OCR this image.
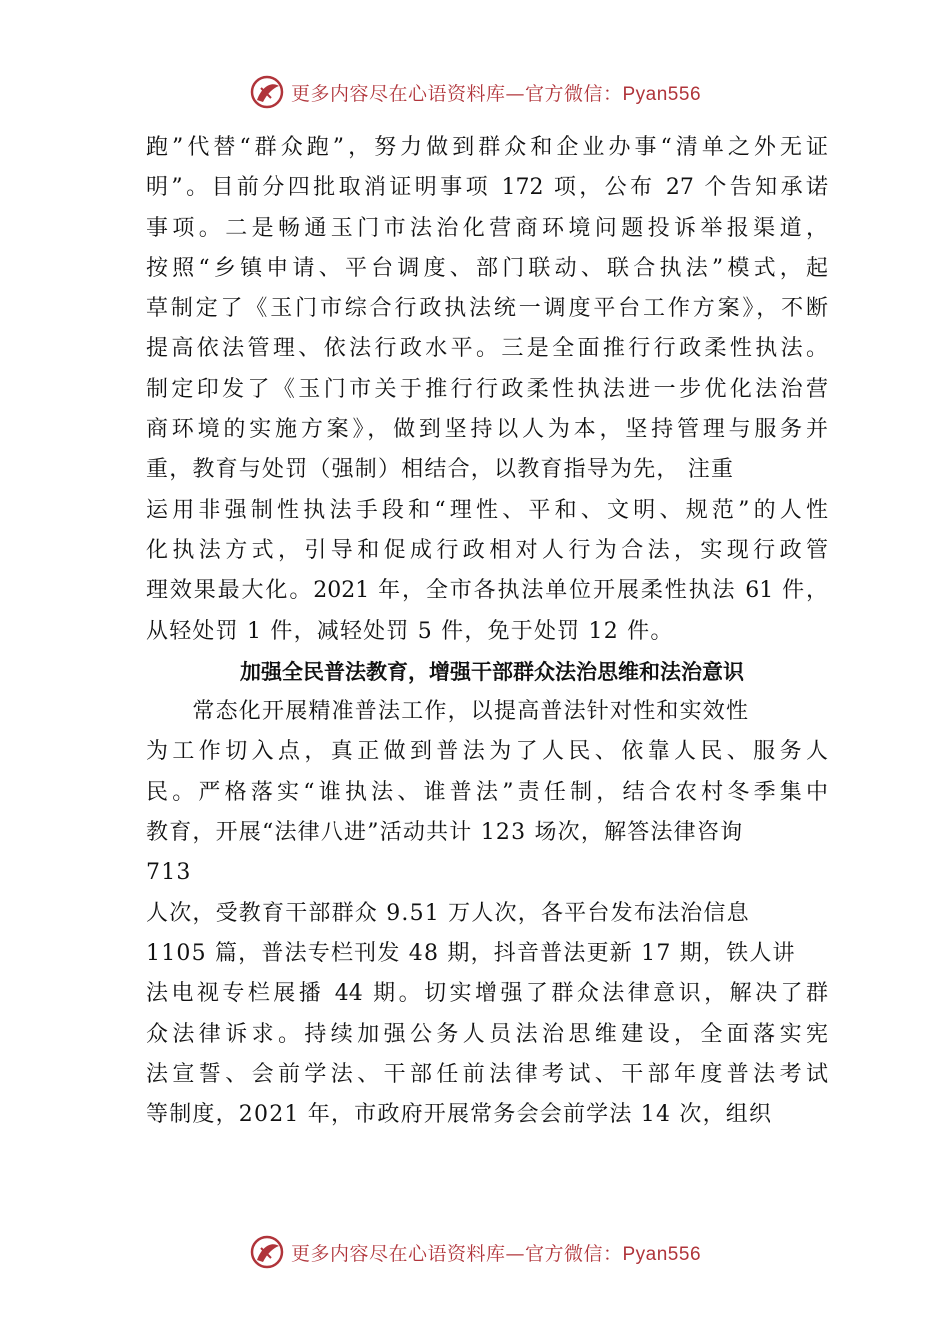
更多内容尽在心语资料库—官方微信：Pyan556
跑”代替“群众跑”，努力做到群众和企业办事“清单之外无证
明”。目前分四批取消证明事项 172 项，公布 27 个告知承诺
事项。二是畅通玉门市法治化营商环境问题投诉举报渠道，
按照“乡镇申请、平台调度、部门联动、联合执法”模式，起
草制定了《玉门市综合行政执法统一调度平台工作方案》，不断
提高依法管理、依法行政水平。三是全面推行行政柔性执法。
制定印发了《玉门市关于推行行政柔性执法进一步优化法治营
商环境的实施方案》，做到坚持以人为本，坚持管理与服务并
重，教育与处罚（强制）相结合，以教育指导为先， 注重
运用非强制性执法手段和“理性、平和、文明、规范”的人性
化执法方式，引导和促成行政相对人行为合法，实现行政管
理效果最大化。2021 年，全市各执法单位开展柔性执法 61 件，
从轻处罚 1 件，减轻处罚 5 件，免于处罚 12 件。
加强全民普法教育，增强干部群众法治思维和法治意识
　　常态化开展精准普法工作，以提高普法针对性和实效性
为工作切入点，真正做到普法为了人民、依靠人民、服务人
民。严格落实“谁执法、谁普法”责任制，结合农村冬季集中
教育，开展“法律八进”活动共计 123 场次，解答法律咨询
713
人次，受教育干部群众 9.51 万人次，各平台发布法治信息
1105 篇，普法专栏刊发 48 期，抖音普法更新 17 期，铁人讲
法电视专栏展播 44 期。切实增强了群众法律意识，解决了群
众法律诉求。持续加强公务人员法治思维建设，全面落实宪
法宣誓、会前学法、干部任前法律考试、干部年度普法考试
等制度，2021 年，市政府开展常务会会前学法 14 次，组织
更多内容尽在心语资料库—官方微信：Pyan556
